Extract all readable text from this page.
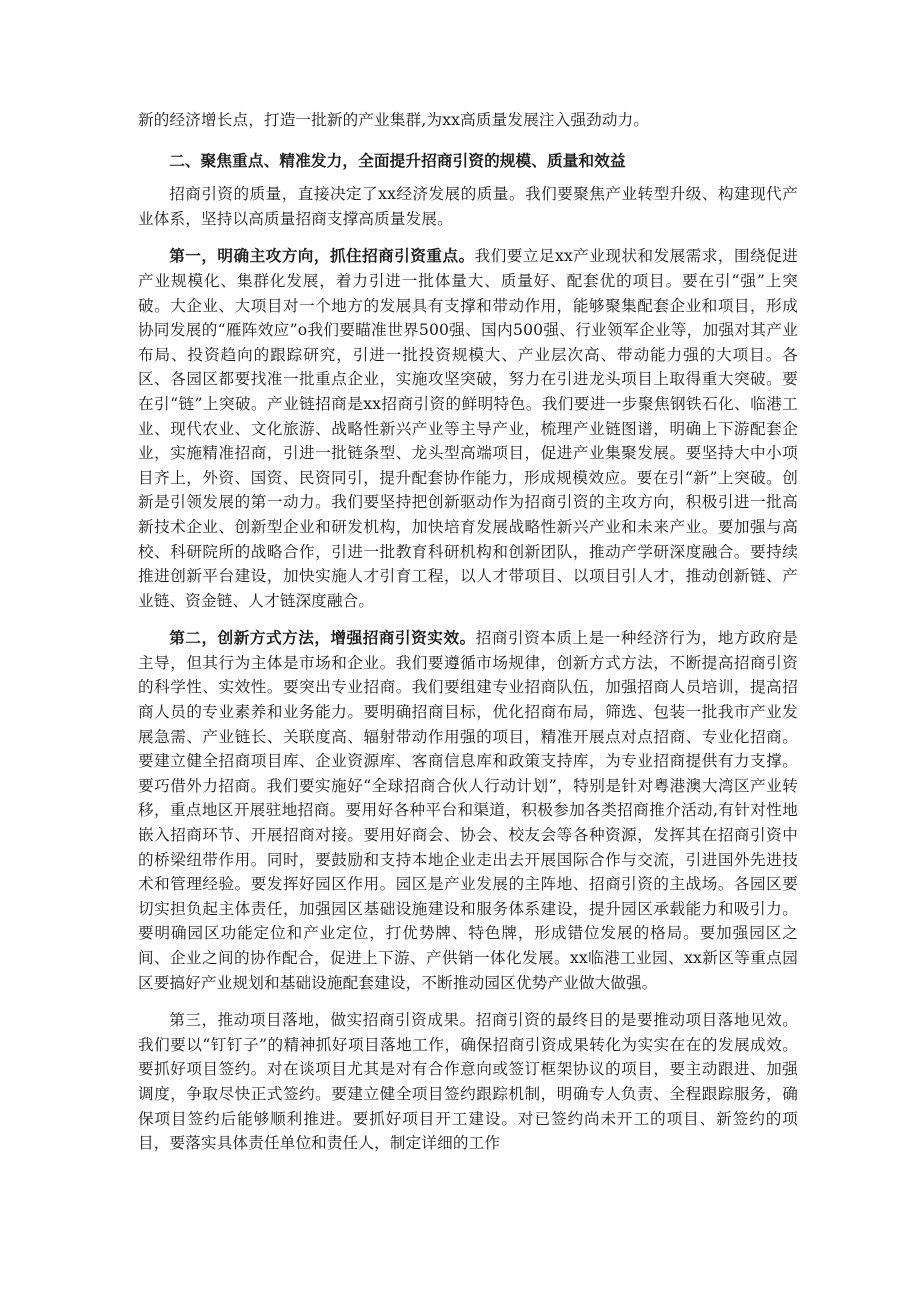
新的经济增长点，打造一批新的产业集群,为xx高质量发展注入强劲动力。

二、聚焦重点、精准发力，全面提升招商引资的规模、质量和效益

招商引资的质量，直接决定了xx经济发展的质量。我们要聚焦产业转型升级、构建现代产业体系，坚持以高质量招商支撑高质量发展。

第一，明确主攻方向，抓住招商引资重点。我们要立足xx产业现状和发展需求，围绕促进产业规模化、集群化发展，着力引进一批体量大、质量好、配套优的项目。要在引“强”上突破。大企业、大项目对一个地方的发展具有支撑和带动作用，能够聚集配套企业和项目，形成协同发展的“雁阵效应”o我们要瞄准世界500强、国内500强、行业领军企业等，加强对其产业布局、投资趋向的跟踪研究，引进一批投资规模大、产业层次高、带动能力强的大项目。各区、各园区都要找准一批重点企业，实施攻坚突破，努力在引进龙头项目上取得重大突破。要在引“链”上突破。产业链招商是xx招商引资的鲜明特色。我们要进一步聚焦钢铁石化、临港工业、现代农业、文化旅游、战略性新兴产业等主导产业，梳理产业链图谱，明确上下游配套企业，实施精准招商，引进一批链条型、龙头型高端项目，促进产业集聚发展。要坚持大中小项目齐上，外资、国资、民资同引，提升配套协作能力，形成规模效应。要在引“新”上突破。创新是引领发展的第一动力。我们要坚持把创新驱动作为招商引资的主攻方向，积极引进一批高新技术企业、创新型企业和研发机构，加快培育发展战略性新兴产业和未来产业。要加强与高校、科研院所的战略合作，引进一批教育科研机构和创新团队，推动产学研深度融合。要持续推进创新平台建设，加快实施人才引育工程，以人才带项目、以项目引人才，推动创新链、产业链、资金链、人才链深度融合。

第二，创新方式方法，增强招商引资实效。招商引资本质上是一种经济行为，地方政府是主导，但其行为主体是市场和企业。我们要遵循市场规律，创新方式方法，不断提高招商引资的科学性、实效性。要突出专业招商。我们要组建专业招商队伍，加强招商人员培训，提高招商人员的专业素养和业务能力。要明确招商目标，优化招商布局，筛选、包装一批我市产业发展急需、产业链长、关联度高、辐射带动作用强的项目，精准开展点对点招商、专业化招商。要建立健全招商项目库、企业资源库、客商信息库和政策支持库，为专业招商提供有力支撑。要巧借外力招商。我们要实施好“全球招商合伙人行动计划”，特别是针对粤港澳大湾区产业转移，重点地区开展驻地招商。要用好各种平台和渠道，积极参加各类招商推介活动,有针对性地嵌入招商环节、开展招商对接。要用好商会、协会、校友会等各种资源，发挥其在招商引资中的桥梁纽带作用。同时，要鼓励和支持本地企业走出去开展国际合作与交流，引进国外先进技术和管理经验。要发挥好园区作用。园区是产业发展的主阵地、招商引资的主战场。各园区要切实担负起主体责任，加强园区基础设施建设和服务体系建设，提升园区承载能力和吸引力。要明确园区功能定位和产业定位，打优势牌、特色牌，形成错位发展的格局。要加强园区之间、企业之间的协作配合，促进上下游、产供销一体化发展。xx临港工业园、xx新区等重点园区要搞好产业规划和基础设施配套建设，不断推动园区优势产业做大做强。

第三，推动项目落地，做实招商引资成果。招商引资的最终目的是要推动项目落地见效。我们要以“钉钉子”的精神抓好项目落地工作，确保招商引资成果转化为实实在在的发展成效。要抓好项目签约。对在谈项目尤其是对有合作意向或签订框架协议的项目，要主动跟进、加强调度，争取尽快正式签约。要建立健全项目签约跟踪机制，明确专人负责、全程跟踪服务，确保项目签约后能够顺利推进。要抓好项目开工建设。对已签约尚未开工的项目、新签约的项目，要落实具体责任单位和责任人，制定详细的工作
